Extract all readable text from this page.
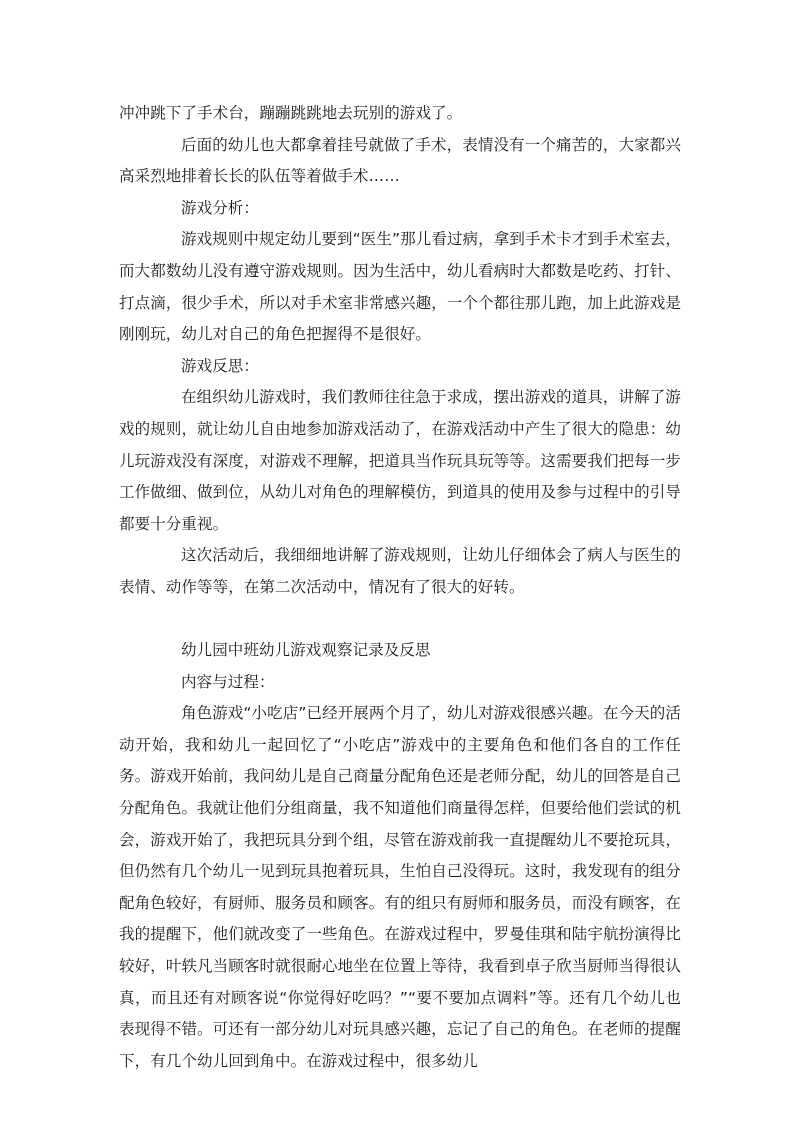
冲冲跳下了手术台，蹦蹦跳跳地去玩别的游戏了。

后面的幼儿也大都拿着挂号就做了手术，表情没有一个痛苦的，大家都兴高采烈地排着长长的队伍等着做手术……

游戏分析：

游戏规则中规定幼儿要到“医生”那儿看过病，拿到手术卡才到手术室去，而大都数幼儿没有遵守游戏规则。因为生活中，幼儿看病时大都数是吃药、打针、打点滴，很少手术，所以对手术室非常感兴趣，一个个都往那儿跑，加上此游戏是刚刚玩，幼儿对自己的角色把握得不是很好。

游戏反思：

在组织幼儿游戏时，我们教师往往急于求成，摆出游戏的道具，讲解了游戏的规则，就让幼儿自由地参加游戏活动了，在游戏活动中产生了很大的隐患：幼儿玩游戏没有深度，对游戏不理解，把道具当作玩具玩等等。这需要我们把每一步工作做细、做到位，从幼儿对角色的理解模仿，到道具的使用及参与过程中的引导都要十分重视。

这次活动后，我细细地讲解了游戏规则，让幼儿仔细体会了病人与医生的表情、动作等等，在第二次活动中，情况有了很大的好转。

幼儿园中班幼儿游戏观察记录及反思

内容与过程：

角色游戏“小吃店”已经开展两个月了，幼儿对游戏很感兴趣。在今天的活动开始，我和幼儿一起回忆了“小吃店”游戏中的主要角色和他们各自的工作任务。游戏开始前，我问幼儿是自己商量分配角色还是老师分配，幼儿的回答是自己分配角色。我就让他们分组商量，我不知道他们商量得怎样，但要给他们尝试的机会，游戏开始了，我把玩具分到个组，尽管在游戏前我一直提醒幼儿不要抢玩具，但仍然有几个幼儿一见到玩具抱着玩具，生怕自己没得玩。这时，我发现有的组分配角色较好，有厨师、服务员和顾客。有的组只有厨师和服务员，而没有顾客，在我的提醒下，他们就改变了一些角色。在游戏过程中，罗曼佳琪和陆宇航扮演得比较好，叶轶凡当顾客时就很耐心地坐在位置上等待，我看到卓子欣当厨师当得很认真，而且还有对顾客说“你觉得好吃吗？”“要不要加点调料”等。还有几个幼儿也表现得不错。可还有一部分幼儿对玩具感兴趣，忘记了自己的角色。在老师的提醒下，有几个幼儿回到角中。在游戏过程中，很多幼儿
